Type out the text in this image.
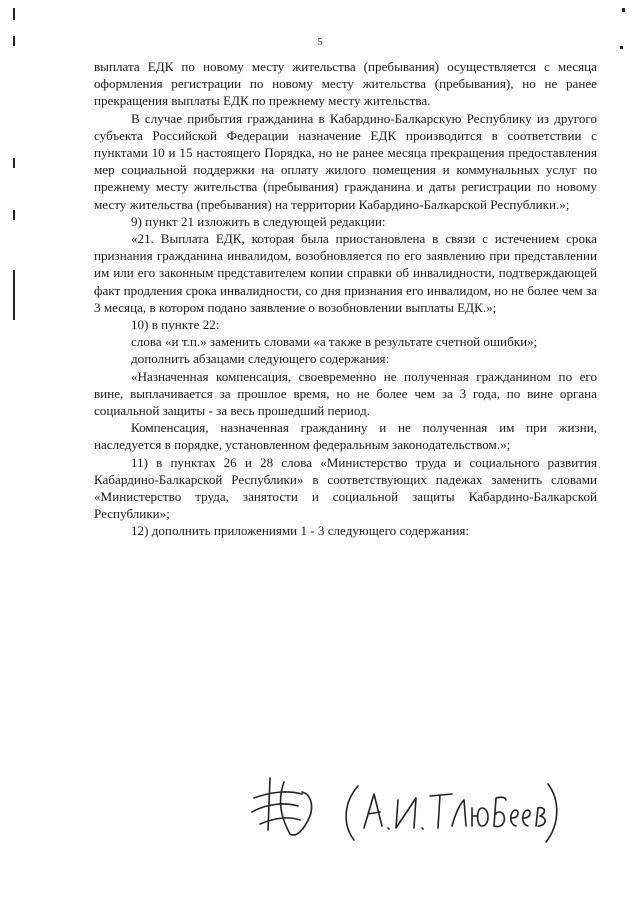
5

выплата ЕДК по новому месту жительства (пребывания) осуществляется с месяца оформления регистрации по новому месту жительства (пребывания), но не ранее прекращения выплаты ЕДК по прежнему месту жительства.

В случае прибытия гражданина в Кабардино-Балкарскую Республику из другого субъекта Российской Федерации назначение ЕДК производится в соответствии с пунктами 10 и 15 настоящего Порядка, но не ранее месяца прекращения предоставления мер социальной поддержки на оплату жилого помещения и коммунальных услуг по прежнему месту жительства (пребывания) гражданина и даты регистрации по новому месту жительства (пребывания) на территории Кабардино-Балкарской Республики.»;

9) пункт 21 изложить в следующей редакции:

«21. Выплата ЕДК, которая была приостановлена в связи с истечением срока признания гражданина инвалидом, возобновляется по его заявлению при представлении им или его законным представителем копии справки об инвалидности, подтверждающей факт продления срока инвалидности, со дня признания его инвалидом, но не более чем за 3 месяца, в котором подано заявление о возобновлении выплаты ЕДК.»;

10) в пункте 22:

слова «и т.п.» заменить словами «а также в результате счетной ошибки»;

дополнить абзацами следующего содержания:

«Назначенная компенсация, своевременно не полученная гражданином по его вине, выплачивается за прошлое время, но не более чем за 3 года, по вине органа социальной защиты - за весь прошедший период.

Компенсация, назначенная гражданину и не полученная им при жизни, наследуется в порядке, установленном федеральным законодательством.»;

11) в пунктах 26 и 28 слова «Министерство труда и социального развития Кабардино-Балкарской Республики» в соответствующих падежах заменить словами «Министерство труда, занятости и социальной защиты Кабардино-Балкарской Республики»;

12) дополнить приложениями 1 - 3 следующего содержания:
